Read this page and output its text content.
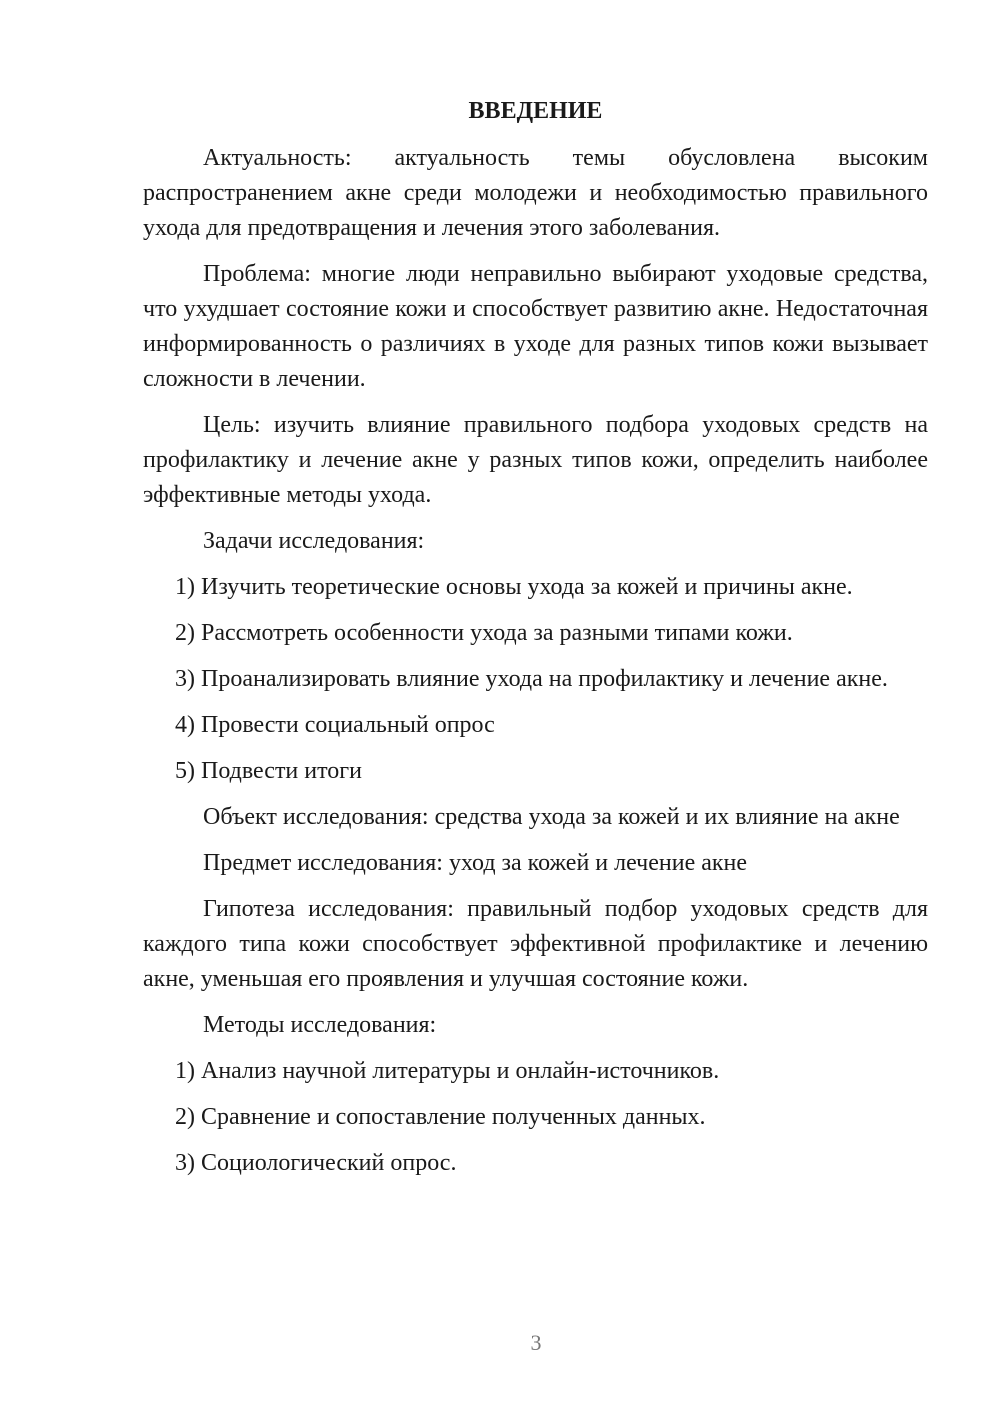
ВВЕДЕНИЕ

Актуальность: актуальность темы обусловлена высоким распространением акне среди молодежи и необходимостью правильного ухода для предотвращения и лечения этого заболевания.

Проблема: многие люди неправильно выбирают уходовые средства, что ухудшает состояние кожи и способствует развитию акне. Недостаточная информированность о различиях в уходе для разных типов кожи вызывает сложности в лечении.

Цель: изучить влияние правильного подбора уходовых средств на профилактику и лечение акне у разных типов кожи, определить наиболее эффективные методы ухода.

Задачи исследования:

1) Изучить теоретические основы ухода за кожей и причины акне.

2) Рассмотреть особенности ухода за разными типами кожи.

3) Проанализировать влияние ухода на профилактику и лечение акне.

4) Провести социальный опрос

5) Подвести итоги

Объект исследования: средства ухода за кожей и их влияние на акне

Предмет исследования: уход за кожей и лечение акне

Гипотеза исследования: правильный подбор уходовых средств для каждого типа кожи способствует эффективной профилактике и лечению акне, уменьшая его проявления и улучшая состояние кожи.

Методы исследования:

1) Анализ научной литературы и онлайн-источников.

2) Сравнение и сопоставление полученных данных.

3) Социологический опрос.

3
